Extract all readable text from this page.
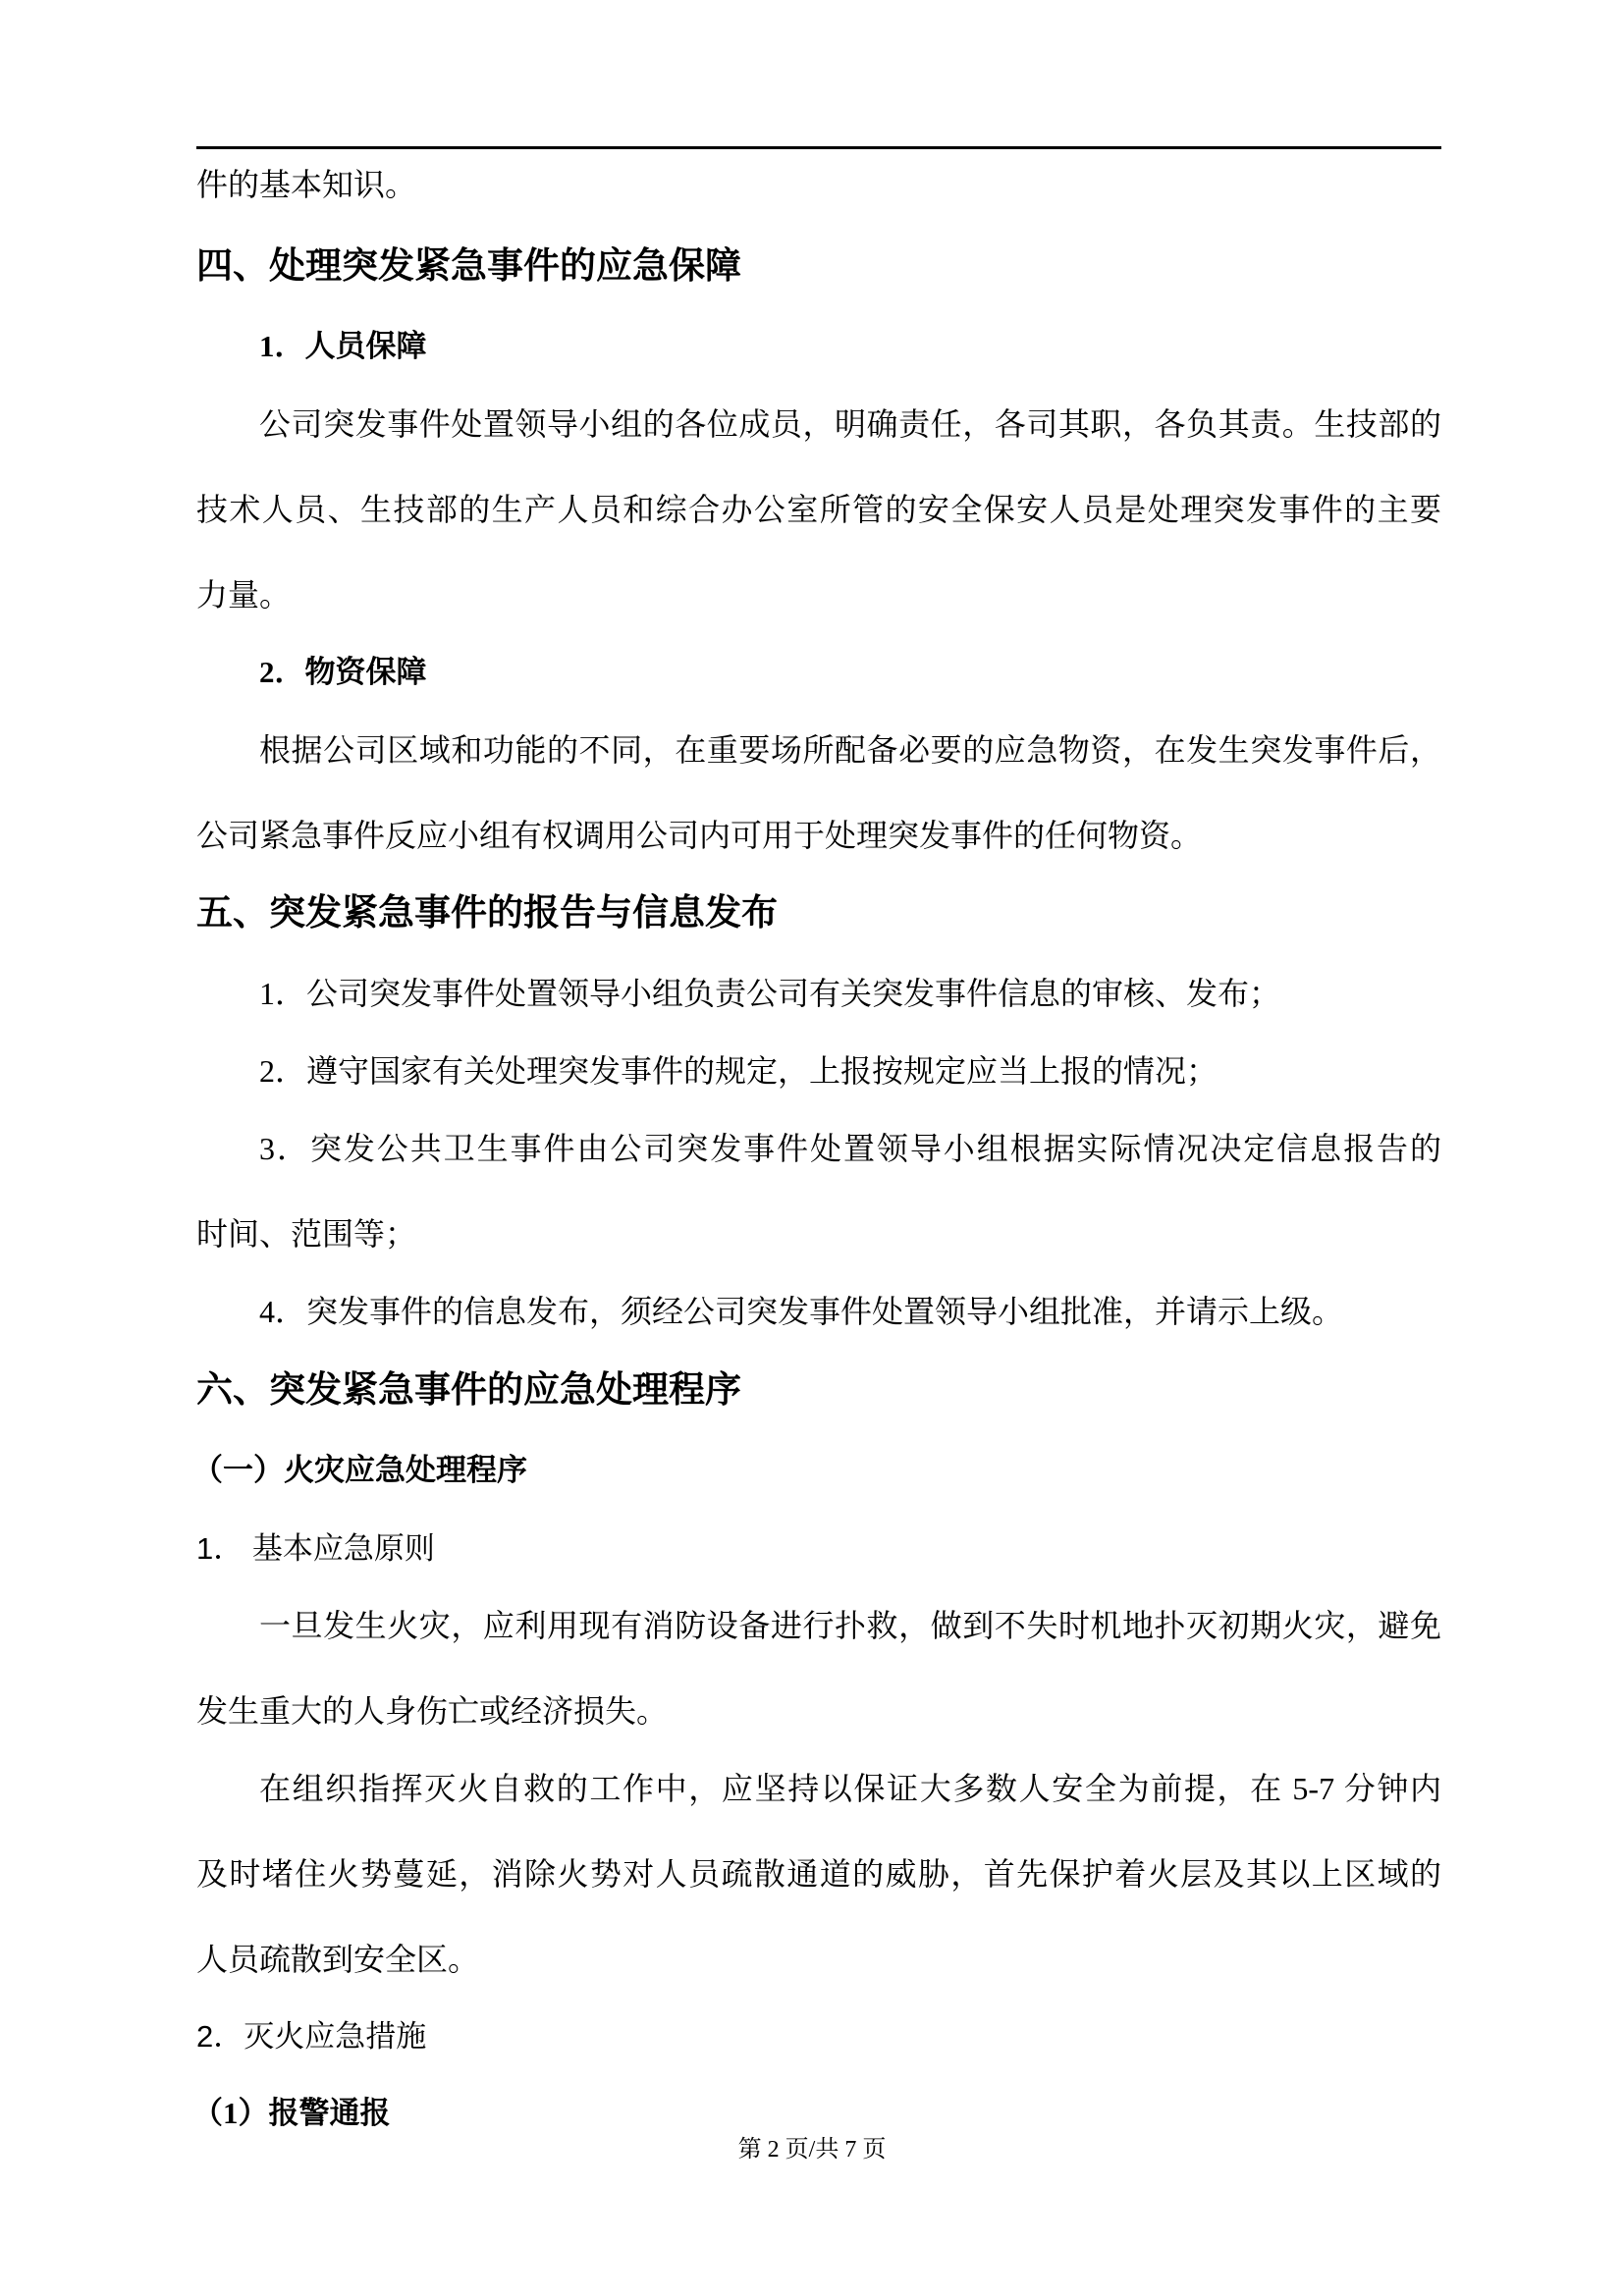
件的基本知识。
四、处理突发紧急事件的应急保障
1．人员保障
公司突发事件处置领导小组的各位成员，明确责任，各司其职，各负其责。生技部的
技术人员、生技部的生产人员和综合办公室所管的安全保安人员是处理突发事件的主要
力量。
2．物资保障
根据公司区域和功能的不同，在重要场所配备必要的应急物资，在发生突发事件后，
公司紧急事件反应小组有权调用公司内可用于处理突发事件的任何物资。
五、突发紧急事件的报告与信息发布
1．公司突发事件处置领导小组负责公司有关突发事件信息的审核、发布；
2．遵守国家有关处理突发事件的规定，上报按规定应当上报的情况；
3．突发公共卫生事件由公司突发事件处置领导小组根据实际情况决定信息报告的
时间、范围等；
4．突发事件的信息发布，须经公司突发事件处置领导小组批准，并请示上级。
六、突发紧急事件的应急处理程序
（一）火灾应急处理程序
1． 基本应急原则
一旦发生火灾，应利用现有消防设备进行扑救，做到不失时机地扑灭初期火灾，避免
发生重大的人身伤亡或经济损失。
在组织指挥灭火自救的工作中，应坚持以保证大多数人安全为前提，在 5-7 分钟内
及时堵住火势蔓延，消除火势对人员疏散通道的威胁，首先保护着火层及其以上区域的
人员疏散到安全区。
2．灭火应急措施
（1）报警通报
第 2 页/共 7 页
